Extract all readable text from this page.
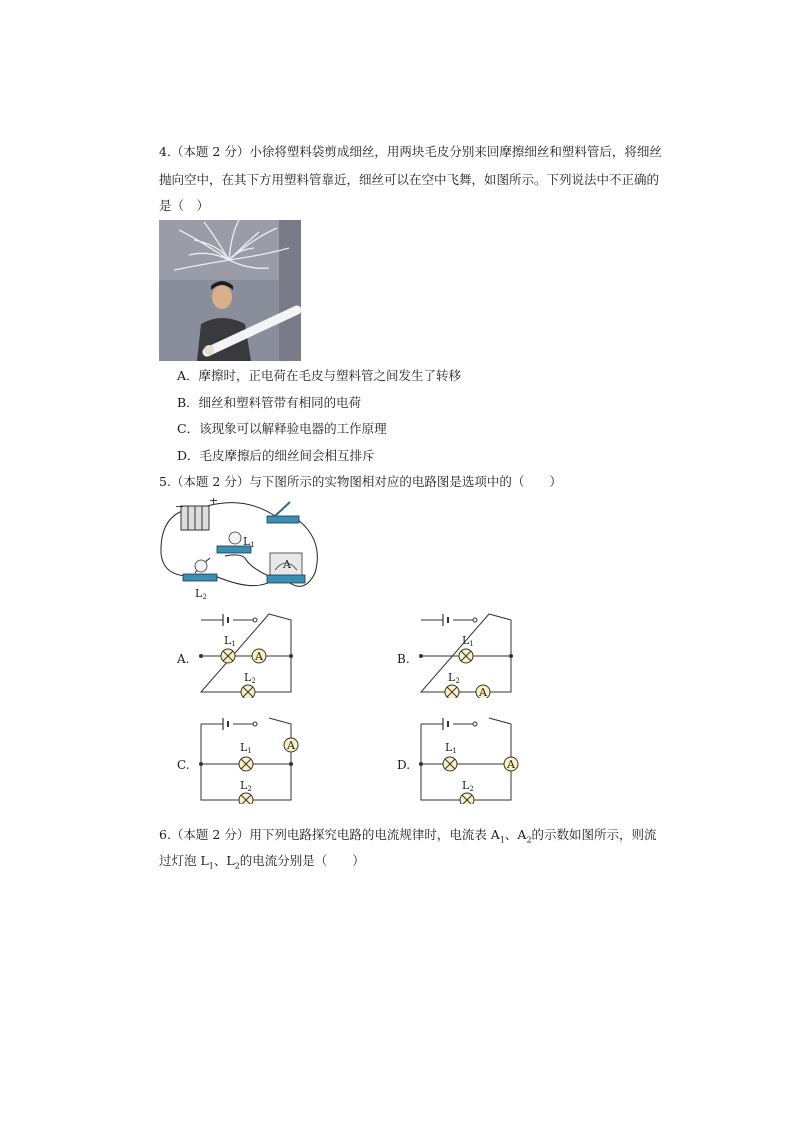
4.（本题 2 分）小徐将塑料袋剪成细丝，用两块毛皮分别来回摩擦细丝和塑料管后，将细丝
抛向空中，在其下方用塑料管靠近，细丝可以在空中飞舞，如图所示。下列说法中不正确的
是（　）
A．摩擦时，正电荷在毛皮与塑料管之间发生了转移
B．细丝和塑料管带有相同的电荷
C．该现象可以解释验电器的工作原理
D．毛皮摩擦后的细丝间会相互排斥
5.（本题 2 分）与下图所示的实物图相对应的电路图是选项中的（　　）
− +
L1
L2
A
A.	A
L1
L2
B.
A
L1
L2
C.
A
L1
L2
D.	A
L1
L2
6.（本题 2 分）用下列电路探究电路的电流规律时，电流表 $A_1$、$A_2$的示数如图所示，则流
过灯泡 $L_1$、$L_2$的电流分别是（　　）
